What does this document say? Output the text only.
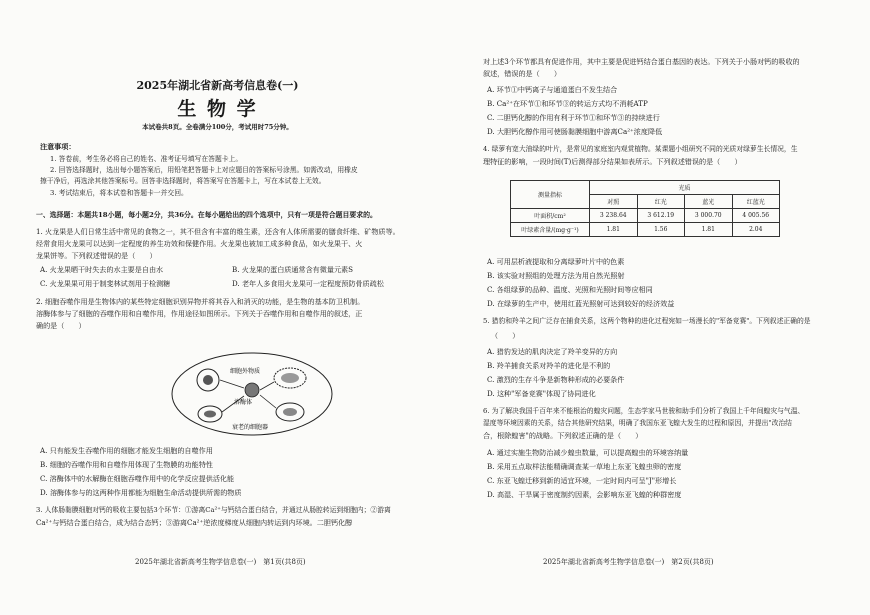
2025年湖北省新高考信息卷(一)
生 物 学
本试卷共8页。全卷满分100分，考试用时75分钟。
注意事项：
1. 答卷前，考生务必将自己的姓名、准考证号填写在答题卡上。
2. 回答选择题时，选出每小题答案后，用铅笔把答题卡上对应题目的答案标号涂黑。如需改动，用橡皮
擦干净后，再选涂其他答案标号。回答非选择题时，将答案写在答题卡上，写在本试卷上无效。
3. 考试结束后，将本试卷和答题卡一并交回。
一、选择题：本题共18小题，每小题2分，共36分。在每小题给出的四个选项中，只有一项是符合题目要求的。
1. 火龙果是人们日常生活中常见的食物之一，其不但含有丰富的维生素，还含有人体所需要的膳食纤维、矿物质等。
经常食用火龙果可以达到一定程度的养生功效和保健作用。火龙果也被加工成多种食品，如火龙果干、火
龙果饼等。下列叙述错误的是（　　）
A. 火龙果晒干时失去的水主要是自由水	B. 火龙果的蛋白质通常含有微量元素S
C. 火龙果果可用于制斐林试剂用于检测糖	D. 老年人多食用火龙果可一定程度预防骨质疏松
2. 细胞吞噬作用是生物体内的某些特定细胞识别异物并将其吞入和消灭的功能，是生物的基本防卫机制。
溶酶体参与了细胞的吞噬作用和自噬作用，作用途径如图所示。下列关于吞噬作用和自噬作用的叙述，正
确的是（　　）
细胞外物质
溶酶体
衰老的细胞器
A. 只有能发生吞噬作用的细胞才能发生细胞的自噬作用
B. 细胞的吞噬作用和自噬作用体现了生物膜的功能特性
C. 溶酶体中的水解酶在细胞吞噬作用中的化学反应提供活化能
D. 溶酶体参与的这两种作用都能为细胞生命活动提供所需的物质
3. 人体肠黏膜细胞对钙的吸收主要包括3个环节：①游离Ca²⁺与钙结合蛋白结合，并通过从肠腔转运到细胞内；②游离
Ca²⁺与钙结合蛋白结合，成为结合态钙；③游离Ca²⁺逆浓度梯度从细胞内转运到内环境。二胆钙化醇
2025年湖北省新高考生物学信息卷(一)　第1页(共8页)
对上述3个环节都具有促进作用，其中主要是促进钙结合蛋白基因的表达。下列关于小肠对钙的吸收的
叙述，错误的是（　　）
A. 环节①中钙离子与通道蛋白不发生结合
B. Ca²⁺在环节①和环节③的转运方式均不消耗ATP
C. 二胆钙化醇的作用有利于环节①和环节③的持续进行
D. 大胆钙化醇作用可使肠黏膜细胞中游离Ca²⁺浓度降低
4. 绿萝有宽大油绿的叶片，是常见的家庭室内观赏植物。某课题小组研究不同的光质对绿萝生长情况，生
理特征的影响，一段时间(T)后测得部分结果如表所示。下列叙述错误的是（　　）
测量指标	光质			
	对照	红光	蓝光	红蓝光
叶面积/cm²	3 238.64	3 612.19	3 000.70	4 005.56
叶绿素含量/(mg·g⁻¹)	1.81	1.56	1.81	2.04
A. 可用层析液提取和分离绿萝叶片中的色素
B. 该实验对照组的处理方法为用自然光照射
C. 各组绿萝的品种、温度、光照和光照时间等应相同
D. 在绿萝的生产中，使用红蓝光照射可达到较好的经济效益
5. 猎豹和羚羊之间广泛存在捕食关系，这两个物种的进化过程宛如一场漫长的"军备竞赛"。下列叙述正确的是
（　　）
A. 猎豹发达的肌肉决定了羚羊变异的方向
B. 羚羊捕食关系对羚羊的进化是不利的
C. 激烈的生存斗争是新物种形成的必要条件
D. 这种"军备竞赛"体现了协同进化
6. 为了解决我国千百年来不能根治的蝗灾问题，生态学家马世骏和助手们分析了我国上千年间蝗灾与气温、
湿度等环境因素的关系，结合其他研究结果，明确了我国东亚飞蝗大发生的过程和原因，并提出"改治结
合，根除蝗害"的战略。下列叙述正确的是（　　）
A. 通过实施生物防治减少蝗虫数量，可以提高蝗虫的环境容纳量
B. 采用五点取样法能精确调查某一草地上东亚飞蝗虫卵的密度
C. 东亚飞蝗迁移到新的适宜环境，一定时间内可呈"J"形增长
D. 高湿、干旱属于密度制约因素，会影响东亚飞蝗的种群密度
2025年湖北省新高考生物学信息卷(一)　第2页(共8页)
